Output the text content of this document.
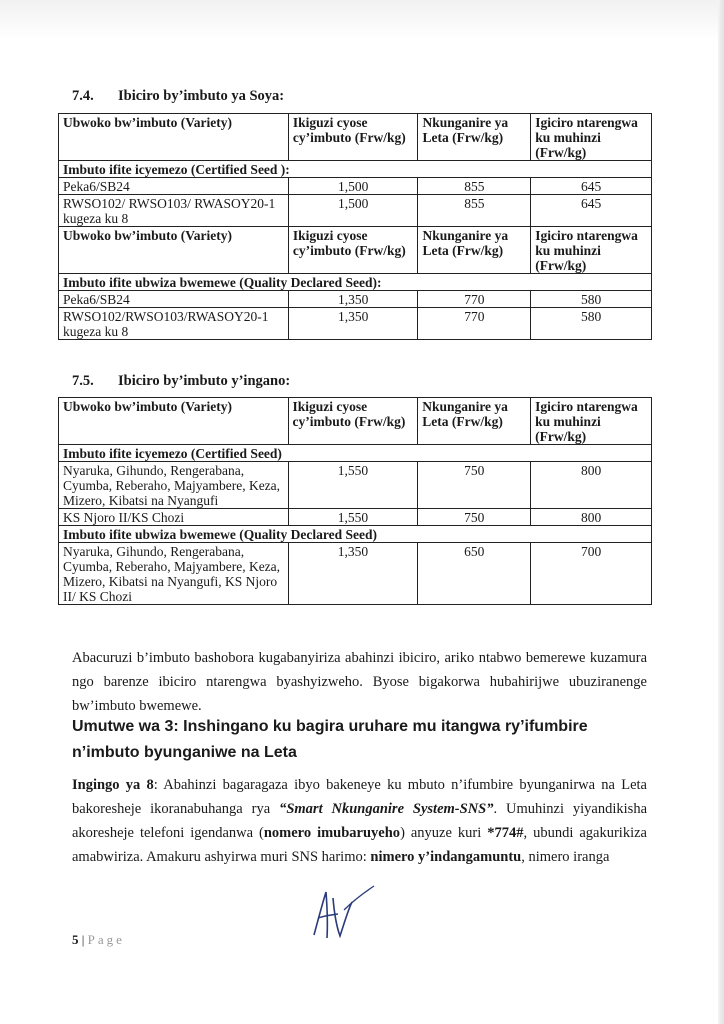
7.4. Ibiciro by’imbuto ya Soya:
Ubwoko bw’imbuto (Variety)	Ikiguzi cyose cy’imbuto (Frw/kg)	Nkunganire ya Leta (Frw/kg)	Igiciro ntarengwa ku muhinzi (Frw/kg)
Imbuto ifite icyemezo (Certified Seed ):			
Peka6/SB24	1,500	855	645
RWSO102/ RWSO103/ RWASOY20-1 kugeza ku 8	1,500	855	645
Ubwoko bw’imbuto (Variety)	Ikiguzi cyose cy’imbuto (Frw/kg)	Nkunganire ya Leta (Frw/kg)	Igiciro ntarengwa ku muhinzi (Frw/kg)
Imbuto ifite ubwiza bwemewe (Quality Declared Seed):			
Peka6/SB24	1,350	770	580
RWSO102/RWSO103/RWASOY20-1 kugeza ku 8	1,350	770	580
7.5. Ibiciro by’imbuto y’ingano:
Ubwoko bw’imbuto (Variety)	Ikiguzi cyose cy’imbuto (Frw/kg)	Nkunganire ya Leta (Frw/kg)	Igiciro ntarengwa ku muhinzi (Frw/kg)
Imbuto ifite icyemezo (Certified Seed)			
Nyaruka, Gihundo, Rengerabana, Cyumba, Reberaho, Majyambere, Keza, Mizero, Kibatsi na Nyangufi	1,550	750	800
KS Njoro II/KS Chozi	1,550	750	800
Imbuto ifite ubwiza bwemewe (Quality Declared Seed)			
Nyaruka, Gihundo, Rengerabana, Cyumba, Reberaho, Majyambere, Keza, Mizero, Kibatsi na Nyangufi, KS Njoro II/ KS Chozi	1,350	650	700
Abacuruzi b’imbuto bashobora kugabanyiriza abahinzi ibiciro, ariko ntabwo bemerewe kuzamura ngo barenze ibiciro ntarengwa byashyizweho. Byose bigakorwa hubahirijwe ubuziranenge bw’imbuto bwemewe.
Umutwe wa 3: Inshingano ku bagira uruhare mu itangwa ry’ifumbire n’imbuto byunganiwe na Leta
Ingingo ya 8: Abahinzi bagaragaza ibyo bakeneye ku mbuto n’ifumbire byunganirwa na Leta bakoresheje ikoranabuhanga rya “Smart Nkunganire System-SNS”. Umuhinzi yiyandikisha akoresheje telefoni igendanwa (nomero imubaruyeho) anyuze kuri *774#, ubundi agakurikiza amabwiriza. Amakuru ashyirwa muri SNS harimo: nimero y’indangamuntu, nimero iranga
5 | Page
